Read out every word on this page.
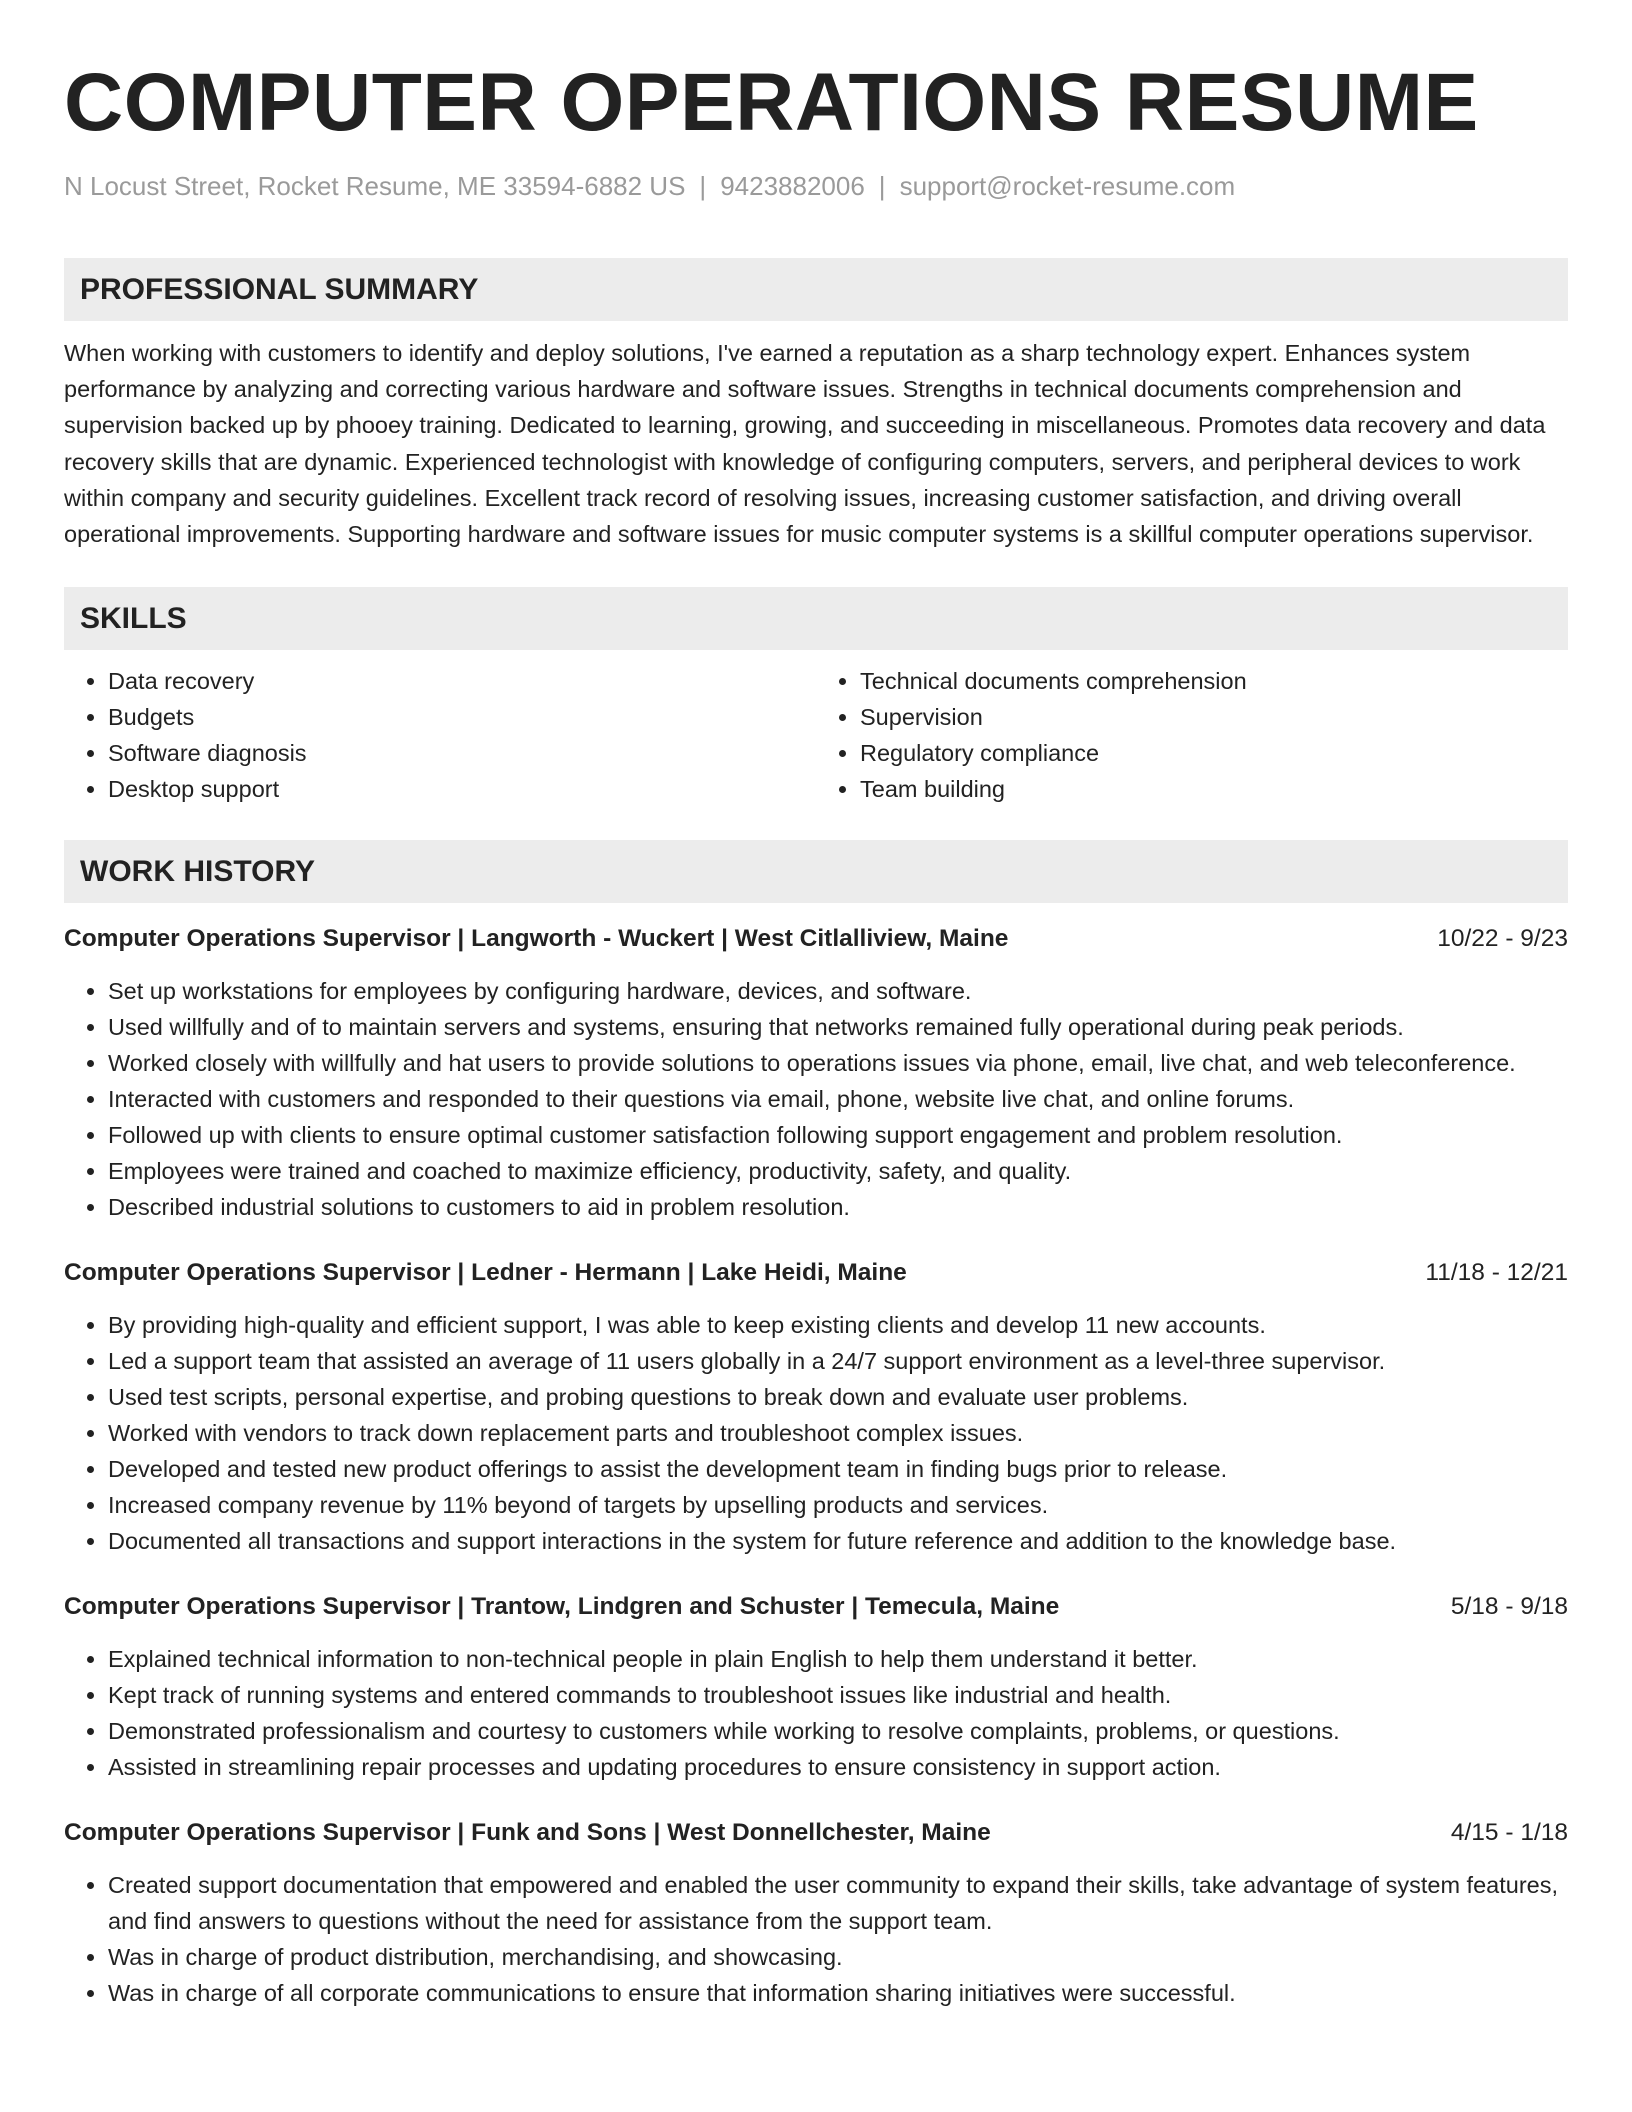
COMPUTER OPERATIONS RESUME
N Locust Street, Rocket Resume, ME 33594-6882 US | 9423882006 | support@rocket-resume.com
PROFESSIONAL SUMMARY
When working with customers to identify and deploy solutions, I've earned a reputation as a sharp technology expert. Enhances system performance by analyzing and correcting various hardware and software issues. Strengths in technical documents comprehension and supervision backed up by phooey training. Dedicated to learning, growing, and succeeding in miscellaneous. Promotes data recovery and data recovery skills that are dynamic. Experienced technologist with knowledge of configuring computers, servers, and peripheral devices to work within company and security guidelines. Excellent track record of resolving issues, increasing customer satisfaction, and driving overall operational improvements. Supporting hardware and software issues for music computer systems is a skillful computer operations supervisor.
SKILLS
• Data recovery
• Budgets
• Software diagnosis
• Desktop support
• Technical documents comprehension
• Supervision
• Regulatory compliance
• Team building
WORK HISTORY
Computer Operations Supervisor | Langworth - Wuckert | West Citlalliview, Maine	10/22 - 9/23
• Set up workstations for employees by configuring hardware, devices, and software.
• Used willfully and of to maintain servers and systems, ensuring that networks remained fully operational during peak periods.
• Worked closely with willfully and hat users to provide solutions to operations issues via phone, email, live chat, and web teleconference.
• Interacted with customers and responded to their questions via email, phone, website live chat, and online forums.
• Followed up with clients to ensure optimal customer satisfaction following support engagement and problem resolution.
• Employees were trained and coached to maximize efficiency, productivity, safety, and quality.
• Described industrial solutions to customers to aid in problem resolution.
Computer Operations Supervisor | Ledner - Hermann | Lake Heidi, Maine	11/18 - 12/21
• By providing high-quality and efficient support, I was able to keep existing clients and develop 11 new accounts.
• Led a support team that assisted an average of 11 users globally in a 24/7 support environment as a level-three supervisor.
• Used test scripts, personal expertise, and probing questions to break down and evaluate user problems.
• Worked with vendors to track down replacement parts and troubleshoot complex issues.
• Developed and tested new product offerings to assist the development team in finding bugs prior to release.
• Increased company revenue by 11% beyond of targets by upselling products and services.
• Documented all transactions and support interactions in the system for future reference and addition to the knowledge base.
Computer Operations Supervisor | Trantow, Lindgren and Schuster | Temecula, Maine	5/18 - 9/18
• Explained technical information to non-technical people in plain English to help them understand it better.
• Kept track of running systems and entered commands to troubleshoot issues like industrial and health.
• Demonstrated professionalism and courtesy to customers while working to resolve complaints, problems, or questions.
• Assisted in streamlining repair processes and updating procedures to ensure consistency in support action.
Computer Operations Supervisor | Funk and Sons | West Donnellchester, Maine	4/15 - 1/18
• Created support documentation that empowered and enabled the user community to expand their skills, take advantage of system features, and find answers to questions without the need for assistance from the support team.
• Was in charge of product distribution, merchandising, and showcasing.
• Was in charge of all corporate communications to ensure that information sharing initiatives were successful.
